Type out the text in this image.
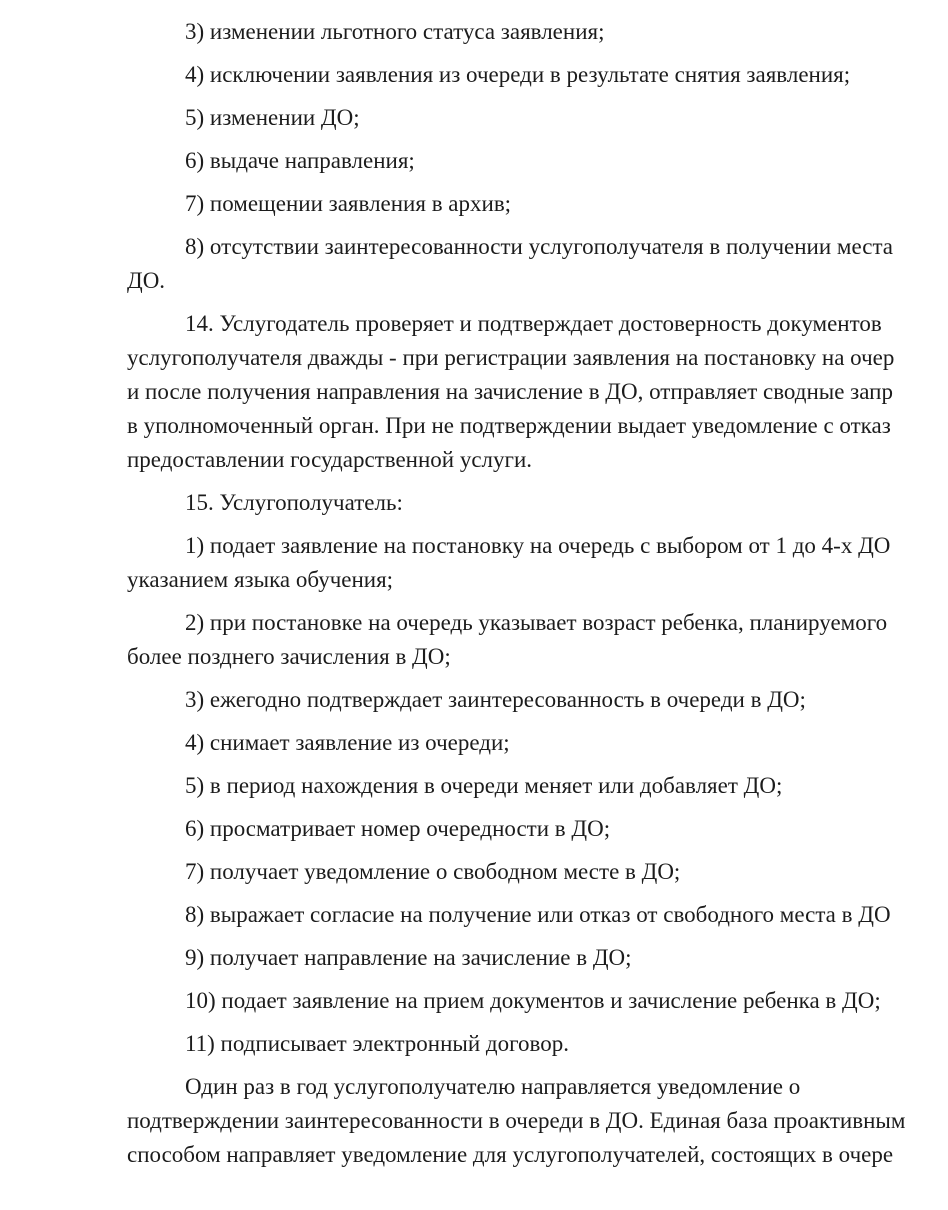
3) изменении льготного статуса заявления;
4) исключении заявления из очереди в результате снятия заявления;
5) изменении ДО;
6) выдаче направления;
7) помещении заявления в архив;
8) отсутствии заинтересованности услугополучателя в получении места
ДО.
14. Услугодатель проверяет и подтверждает достоверность документов
услугополучателя дважды - при регистрации заявления на постановку на очер
и после получения направления на зачисление в ДО, отправляет сводные запр
в уполномоченный орган. При не подтверждении выдает уведомление с отказ
предоставлении государственной услуги.
15. Услугополучатель:
1) подает заявление на постановку на очередь с выбором от 1 до 4-х ДО
указанием языка обучения;
2) при постановке на очередь указывает возраст ребенка, планируемого
более позднего зачисления в ДО;
3) ежегодно подтверждает заинтересованность в очереди в ДО;
4) снимает заявление из очереди;
5) в период нахождения в очереди меняет или добавляет ДО;
6) просматривает номер очередности в ДО;
7) получает уведомление о свободном месте в ДО;
8) выражает согласие на получение или отказ от свободного места в ДО
9) получает направление на зачисление в ДО;
10) подает заявление на прием документов и зачисление ребенка в ДО;
11) подписывает электронный договор.
Один раз в год услугополучателю направляется уведомление о
подтверждении заинтересованности в очереди в ДО. Единая база проактивным
способом направляет уведомление для услугополучателей, состоящих в очере
